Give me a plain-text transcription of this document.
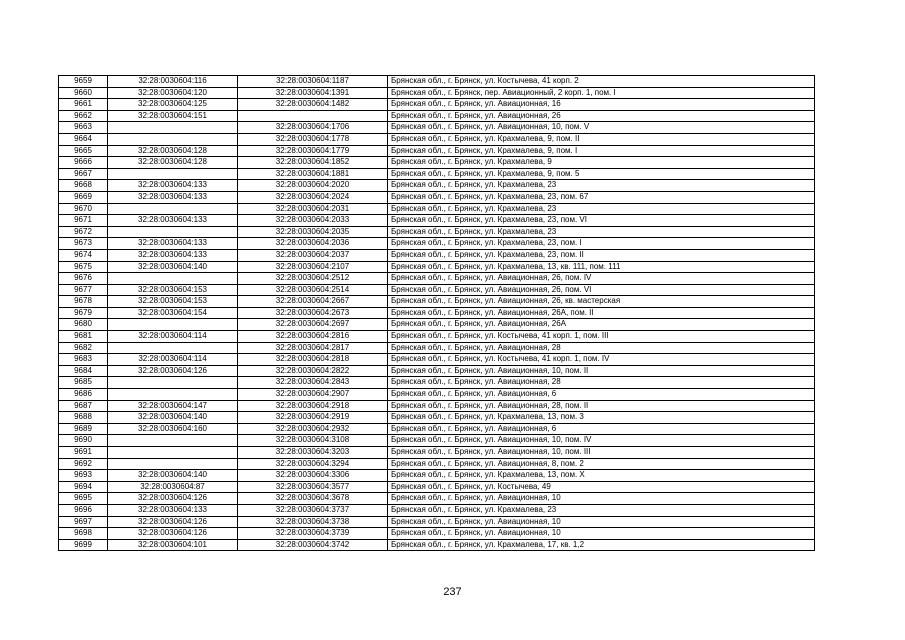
9659	32:28:0030604:116	32:28:0030604:1187	Брянская обл., г. Брянск, ул. Костычева, 41 корп. 2
9660	32:28:0030604:120	32:28:0030604:1391	Брянская обл., г. Брянск, пер. Авиационный, 2 корп. 1, пом. I
9661	32:28:0030604:125	32:28:0030604:1482	Брянская обл., г. Брянск, ул. Авиационная, 16
9662	32:28:0030604:151		Брянская обл., г. Брянск, ул. Авиационная, 26
9663		32:28:0030604:1706	Брянская обл., г. Брянск, ул. Авиационная, 10, пом. V
9664		32:28:0030604:1778	Брянская обл., г. Брянск, ул. Крахмалева, 9, пом. II
9665	32:28:0030604:128	32:28:0030604:1779	Брянская обл., г. Брянск, ул. Крахмалева, 9, пом. I
9666	32:28:0030604:128	32:28:0030604:1852	Брянская обл., г. Брянск, ул. Крахмалева, 9
9667		32:28:0030604:1881	Брянская обл., г. Брянск, ул. Крахмалева, 9, пом. 5
9668	32:28:0030604:133	32:28:0030604:2020	Брянская обл., г. Брянск, ул. Крахмалева, 23
9669	32:28:0030604:133	32:28:0030604:2024	Брянская обл., г. Брянск, ул. Крахмалева, 23, пом. 67
9670		32:28:0030604:2031	Брянская обл., г. Брянск, ул. Крахмалева, 23
9671	32:28:0030604:133	32:28:0030604:2033	Брянская обл., г. Брянск, ул. Крахмалева, 23, пом. VI
9672		32:28:0030604:2035	Брянская обл., г. Брянск, ул. Крахмалева, 23
9673	32:28:0030604:133	32:28:0030604:2036	Брянская обл., г. Брянск, ул. Крахмалева, 23, пом. I
9674	32:28:0030604:133	32:28:0030604:2037	Брянская обл., г. Брянск, ул. Крахмалева, 23, пом. II
9675	32:28:0030604:140	32:28:0030604:2107	Брянская обл., г. Брянск, ул. Крахмалева, 13, кв. 111, пом. 111
9676		32:28:0030604:2512	Брянская обл., г. Брянск, ул. Авиационная, 26, пом. IV
9677	32:28:0030604:153	32:28:0030604:2514	Брянская обл., г. Брянск, ул. Авиационная, 26, пом. VI
9678	32:28:0030604:153	32:28:0030604:2667	Брянская обл., г. Брянск, ул. Авиационная, 26, кв. мастерская
9679	32:28:0030604:154	32:28:0030604:2673	Брянская обл., г. Брянск, ул. Авиационная, 26А, пом. II
9680		32:28:0030604:2697	Брянская обл., г. Брянск, ул. Авиационная, 26А
9681	32:28:0030604:114	32:28:0030604:2816	Брянская обл., г. Брянск, ул. Костычева, 41 корп. 1, пом. III
9682		32:28:0030604:2817	Брянская обл., г. Брянск, ул. Авиационная, 28
9683	32:28:0030604:114	32:28:0030604:2818	Брянская обл., г. Брянск, ул. Костычева, 41 корп. 1, пом. IV
9684	32:28:0030604:126	32:28:0030604:2822	Брянская обл., г. Брянск, ул. Авиационная, 10, пом. II
9685		32:28:0030604:2843	Брянская обл., г. Брянск, ул. Авиационная, 28
9686		32:28:0030604:2907	Брянская обл., г. Брянск, ул. Авиационная, 6
9687	32:28:0030604:147	32:28:0030604:2918	Брянская обл., г. Брянск, ул. Авиационная, 28, пом. II
9688	32:28:0030604:140	32:28:0030604:2919	Брянская обл., г. Брянск, ул. Крахмалева, 13, пом. 3
9689	32:28:0030604:160	32:28:0030604:2932	Брянская обл., г. Брянск, ул. Авиационная, 6
9690		32:28:0030604:3108	Брянская обл., г. Брянск, ул. Авиационная, 10, пом. IV
9691		32:28:0030604:3203	Брянская обл., г. Брянск, ул. Авиационная, 10, пом. III
9692		32:28:0030604:3294	Брянская обл., г. Брянск, ул. Авиационная, 8, пом. 2
9693	32:28:0030604:140	32:28:0030604:3306	Брянская обл., г. Брянск, ул. Крахмалева, 13, пом. X
9694	32:28:0030604:87	32:28:0030604:3577	Брянская обл., г. Брянск, ул. Костычева, 49
9695	32:28:0030604:126	32:28:0030604:3678	Брянская обл., г. Брянск, ул. Авиационная, 10
9696	32:28:0030604:133	32:28:0030604:3737	Брянская обл., г. Брянск, ул. Крахмалева, 23
9697	32:28:0030604:126	32:28:0030604:3738	Брянская обл., г. Брянск, ул. Авиационная, 10
9698	32:28:0030604:126	32:28:0030604:3739	Брянская обл., г. Брянск, ул. Авиационная, 10
9699	32:28:0030604:101	32:28:0030604:3742	Брянская обл., г. Брянск, ул. Крахмалева, 17, кв. 1,2
237
